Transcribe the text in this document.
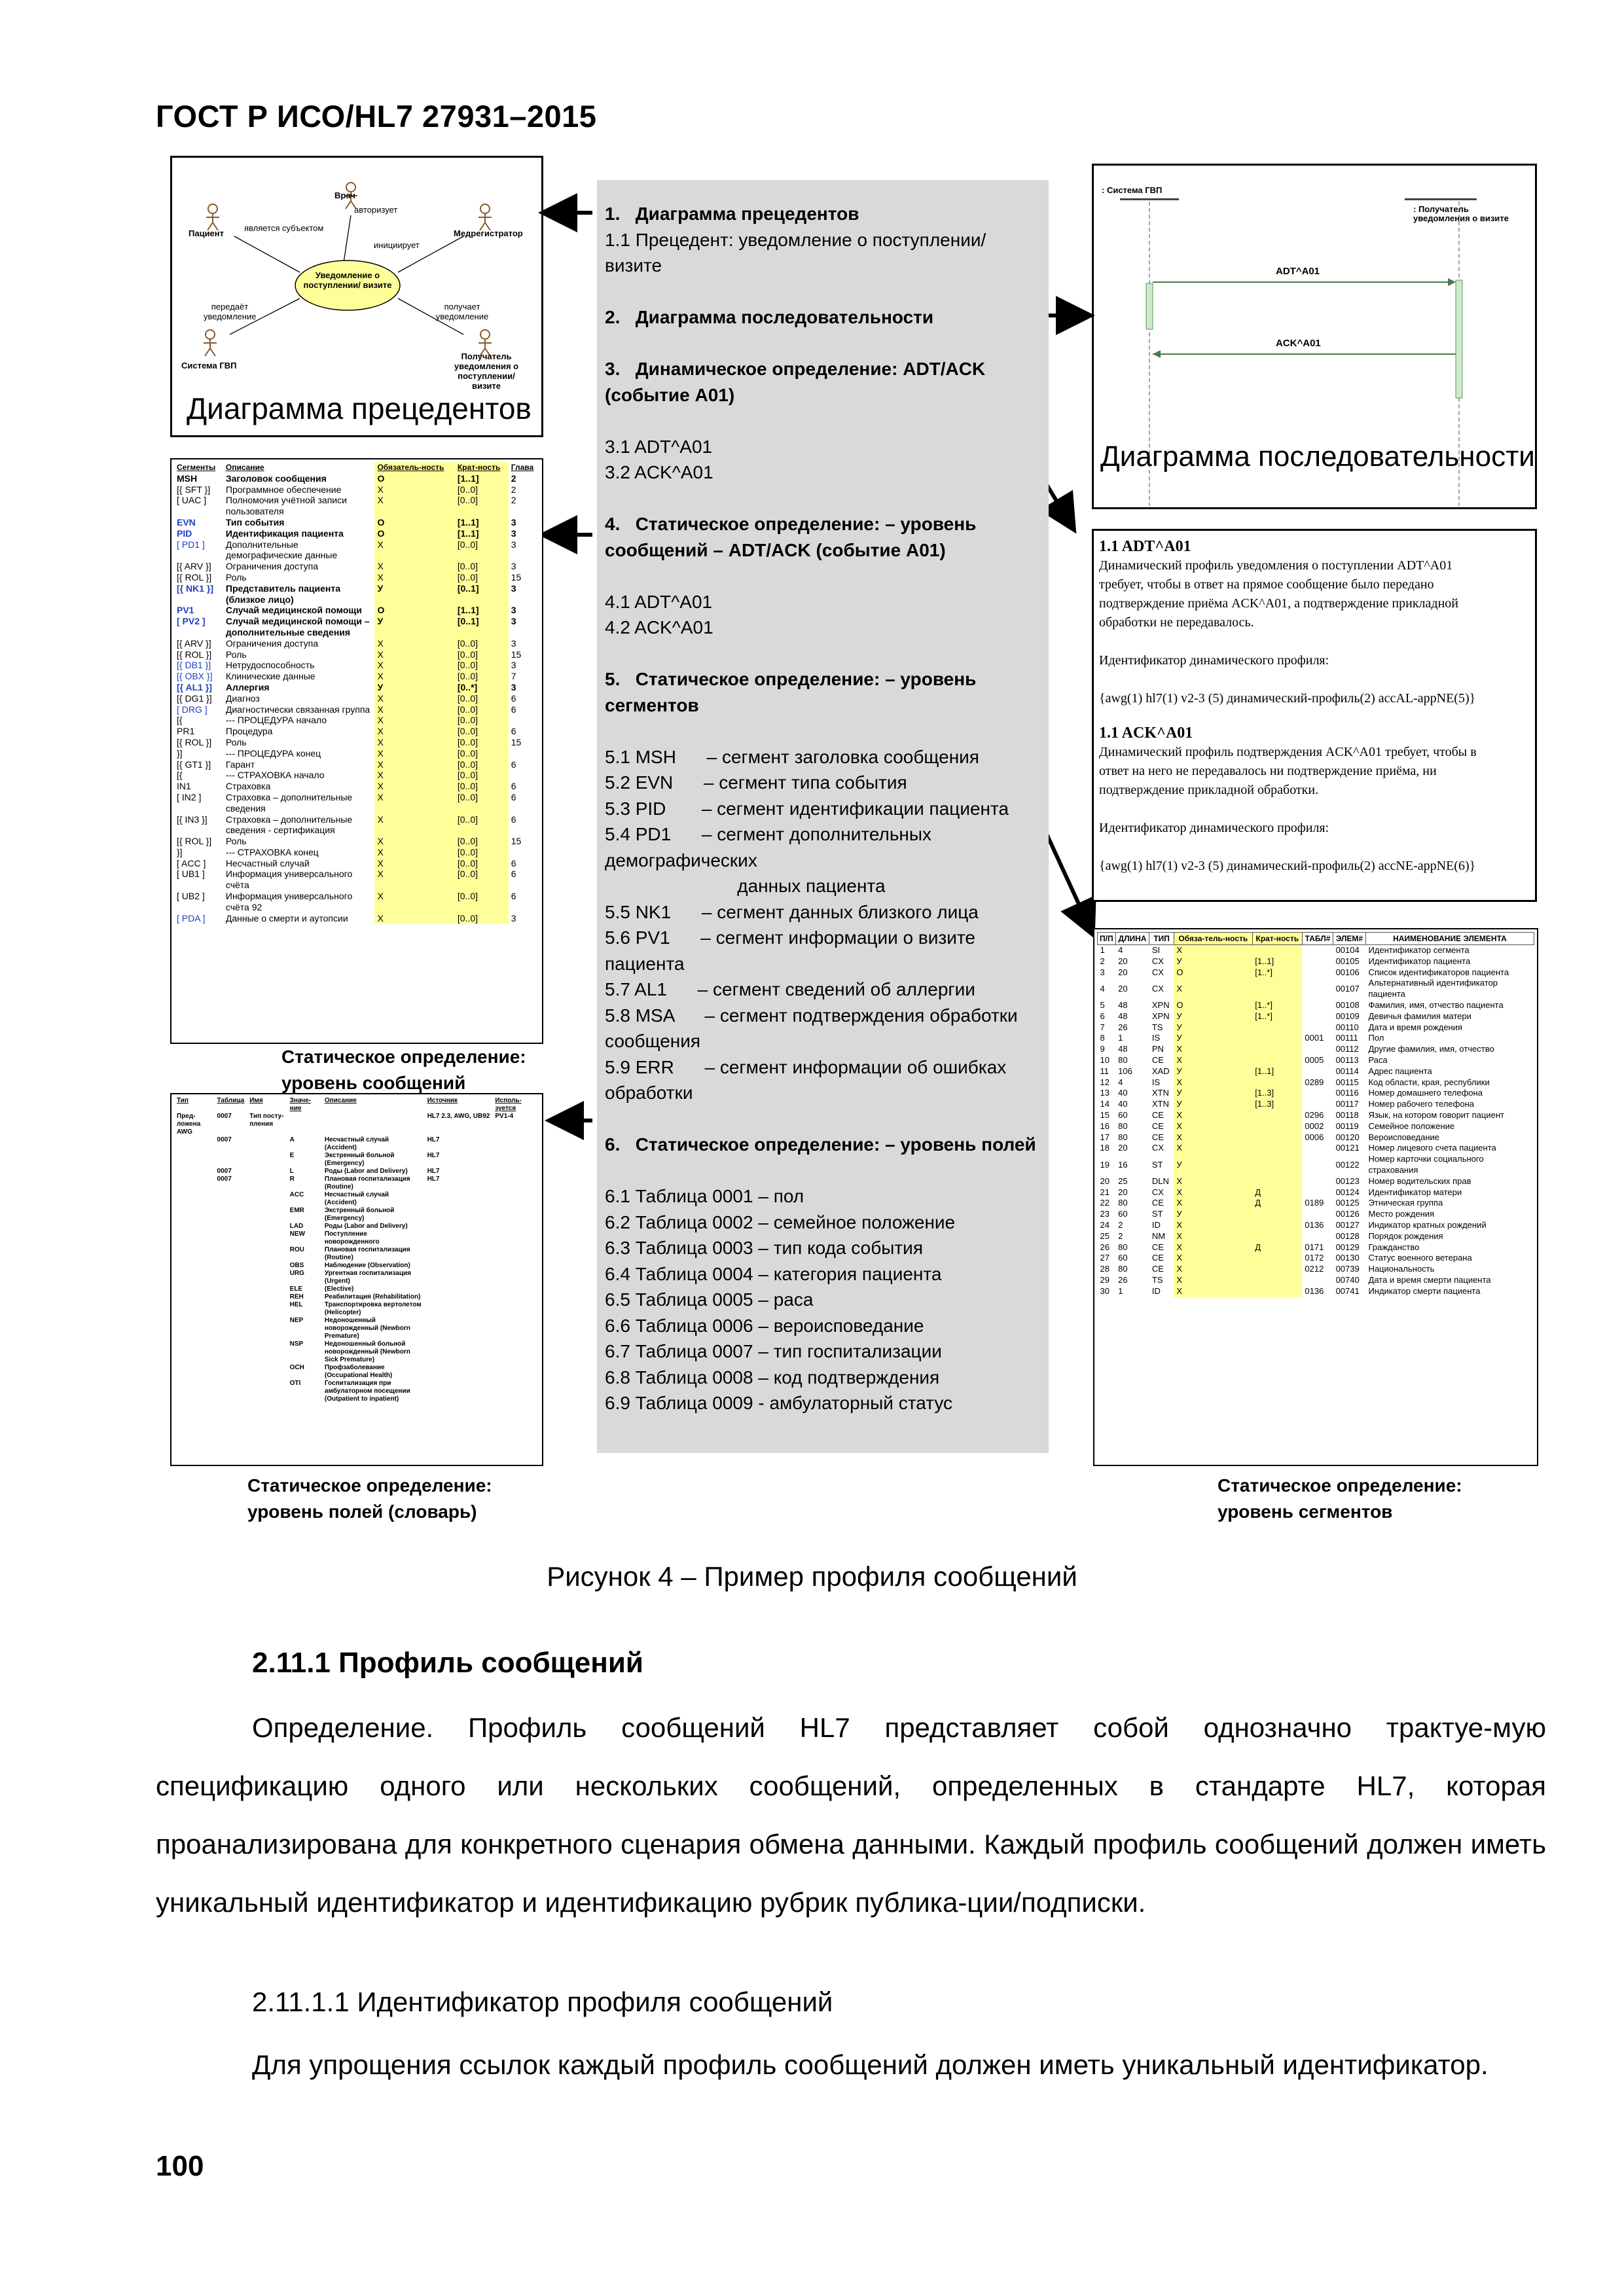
ГОСТ Р ИСО/HL7 27931–2015
Врач
Пациент	Медрегистратор
Система ГВП
Получатель уведомления о поступлении/визите
Уведомление о поступлении/ визите
авторизует
является субъектом
инициирует
передаёт уведомление
получает уведомление
Диаграмма прецедентов
: Система ГВП
: Получатель уведомления о визите
ADT^A01
ACK^A01
Диаграмма последовательности
1.   Диаграмма прецедентов
1.1 Прецедент: уведомление о поступлении/
визите
2.   Диаграмма последовательности
3.   Динамическое определение: ADT/ACK
(событие А01)
3.1 ADT^A01
3.2 ACK^A01
4.   Статическое определение: – уровень
сообщений – ADT/ACK (событие А01)
4.1 ADT^A01
4.2 ACK^A01
5.   Статическое определение: – уровень
сегментов
5.1 MSH      – сегмент заголовка сообщения
5.2 EVN      – сегмент типа события
5.3 PID       – сегмент идентификации пациента
5.4 PD1      – сегмент дополнительных
демографических
данных пациента
5.5 NK1      – сегмент данных близкого лица
5.6 PV1      – сегмент информации о визите
пациента
5.7 AL1      – сегмент сведений об аллергии
5.8 MSA      – сегмент подтверждения обработки
сообщения
5.9 ERR      – сегмент информации об ошибках
обработки
6.   Статическое определение: – уровень полей
6.1 Таблица 0001 – пол
6.2 Таблица 0002 – семейное положение
6.3 Таблица 0003 – тип кода события
6.4 Таблица 0004 – категория пациента
6.5 Таблица 0005 – раса
6.6 Таблица 0006 – вероисповедание
6.7 Таблица 0007 – тип госпитализации
6.8 Таблица 0008 – код подтверждения
6.9 Таблица 0009 - амбулаторный статус
1.1 ADT^A01
Динамический профиль уведомления о поступлении ADT^A01
требует, чтобы в ответ на прямое сообщение было передано
подтверждение приёма ACK^A01, а подтверждение прикладной
обработки не передавалось.
Идентификатор динамического профиля:
{awg(1) hl7(1) v2-3 (5) динамический-профиль(2) accAL-appNE(5)}
1.1 ACK^A01
Динамический профиль подтверждения ACK^A01 требует, чтобы в
ответ на него не передавалось ни подтверждение приёма, ни
подтверждение прикладной обработки.
Идентификатор динамического профиля:
{awg(1) hl7(1) v2-3 (5) динамический-профиль(2) accNE-appNE(6)}
Сегменты	Описание	Обязатель-ность	Крат-ность	Глава
MSH	Заголовок сообщения	O	[1..1]	2
[{ SFT }]	Программное обеспечение	X	[0..0]	2
[ UAC ]	Полномочия учётной записи пользователя	X	[0..0]	2
EVN	Тип события	O	[1..1]	3
PID	Идентификация пациента	O	[1..1]	3
[ PD1 ]	Дополнительные демографические данные	X	[0..0]	3
[{ ARV }]	Ограничения доступа	X	[0..0]	3
[{ ROL }]	Роль	X	[0..0]	15
[{ NK1 }]	Представитель пациента (близкое лицо)	У	[0..1]	3
PV1	Случай медицинской помощи	O	[1..1]	3
[ PV2 ]	Случай медицинской помощи – дополнительные сведения	У	[0..1]	3
[{ ARV }]	Ограничения доступа	X	[0..0]	3
[{ ROL }]	Роль	X	[0..0]	15
[{ DB1 }]	Нетрудоспособность	X	[0..0]	3
[{ OBX }]	Клинические данные	X	[0..0]	7
[{ AL1 }]	Аллергия	У	[0..*]	3
[{ DG1 }]	Диагноз	X	[0..0]	6
[ DRG ]	Диагностически связанная группа	X	[0..0]	6
[{	--- ПРОЦЕДУРА начало	X	[0..0]	
PR1	Процедура	X	[0..0]	6
[{ ROL }]	Роль	X	[0..0]	15
}]	--- ПРОЦЕДУРА конец	X	[0..0]	
[{ GT1 }]	Гарант	X	[0..0]	6
[{	--- СТРАХОВКА начало	X	[0..0]	
IN1	Страховка	X	[0..0]	6
[ IN2 ]	Страховка – дополнительные сведения	X	[0..0]	6
[{ IN3 }]	Страховка – дополнительные сведения - сертификация	X	[0..0]	6
[{ ROL }]	Роль	X	[0..0]	15
}]	--- СТРАХОВКА конец	X	[0..0]	
[ ACC ]	Несчастный случай	X	[0..0]	6
[ UB1 ]	Информация универсального счёта	X	[0..0]	6
[ UB2 ]	Информация универсального счёта 92	X	[0..0]	6
[ PDA ]	Данные о смерти и аутопсии	X	[0..0]	3
Статическое определение:
уровень сообщений
Тип	Таблица	Имя	Значе-ние	Описание	Источник	Исполь-зуется
Пред-ложена AWG	0007	Тип посту-пления			HL7 2.3, AWG, UB92	PV1-4
	0007		A	Несчастный случай (Accident)	HL7	
			E	Экстренный больной (Emergency)	HL7	
	0007		L	Роды (Labor and Delivery)	HL7	
	0007		R	Плановая госпитализация (Routine)	HL7	
			ACC	Несчастный случай (Accident)		
			EMR	Экстренный больной (Emergency)		
			LAD	Роды (Labor and Delivery)		
			NEW	Поступление новорожденного		
			ROU	Плановая госпитализация (Routine)		
			OBS	Наблюдение (Observation)		
			URG	Ургентная госпитализация (Urgent)		
			ELE	(Elective)		
			REH	Реабилитация (Rehabilitation)		
			HEL	Транспортировка вертолетом (Helicopter)		
			NEP	Недоношенный новорожденный (Newborn Premature)		
			NSP	Недоношенный больной новорожденный (Newborn Sick Premature)		
			OCH	Профзаболевание (Occupational Health)		
			OTI	Госпитализация при амбулаторном посещении (Outpatient to inpatient)		
Статическое определение:
уровень полей (словарь)
П/П	ДЛИНА	ТИП	Обяза-тель-ность	Крат-ность	ТАБЛ#	ЭЛЕМ#	НАИМЕНОВАНИЕ ЭЛЕМЕНТА
1	4	SI	X			00104	Идентификатор сегмента
2	20	CX	У	[1..1]		00105	Идентификатор пациента
3	20	CX	O	[1..*]		00106	Список идентификаторов пациента
4	20	CX	X			00107	Альтернативный идентификатор пациента
5	48	XPN	O	[1..*]		00108	Фамилия, имя, отчество пациента
6	48	XPN	У	[1..*]		00109	Девичья фамилия матери
7	26	TS	У			00110	Дата и время рождения
8	1	IS	У		0001	00111	Пол
9	48	PN	X			00112	Другие фамилия, имя, отчество
10	80	CE	X		0005	00113	Раса
11	106	XAD	У	[1..1]		00114	Адрес пациента
12	4	IS	X		0289	00115	Код области, края, республики
13	40	XTN	У	[1..3]		00116	Номер домашнего телефона
14	40	XTN	У	[1..3]		00117	Номер рабочего телефона
15	60	CE	X		0296	00118	Язык, на котором говорит пациент
16	80	CE	X		0002	00119	Семейное положение
17	80	CE	X		0006	00120	Вероисповедание
18	20	CX	X			00121	Номер лицевого счета пациента
19	16	ST	У			00122	Номер карточки социального страхования
20	25	DLN	X			00123	Номер водительских прав
21	20	CX	X	Д		00124	Идентификатор матери
22	80	CE	X	Д	0189	00125	Этническая группа
23	60	ST	У			00126	Место рождения
24	2	ID	X		0136	00127	Индикатор кратных рождений
25	2	NM	X			00128	Порядок рождения
26	80	CE	X	Д	0171	00129	Гражданство
27	60	CE	X		0172	00130	Статус военного ветерана
28	80	CE	X		0212	00739	Национальность
29	26	TS	X			00740	Дата и время смерти пациента
30	1	ID	X		0136	00741	Индикатор смерти пациента
Статическое определение:
уровень сегментов
Рисунок 4 – Пример профиля сообщений
2.11.1 Профиль сообщений
Определение. Профиль сообщений HL7 представляет собой однозначно трактуе-мую спецификацию одного или нескольких сообщений, определенных в стандарте HL7, которая проанализирована для конкретного сценария обмена данными. Каждый профиль сообщений должен иметь уникальный идентификатор и идентификацию рубрик публика-ции/подписки.
2.11.1.1 Идентификатор профиля сообщений
Для упрощения ссылок каждый профиль сообщений должен иметь уникальный идентификатор.
100
